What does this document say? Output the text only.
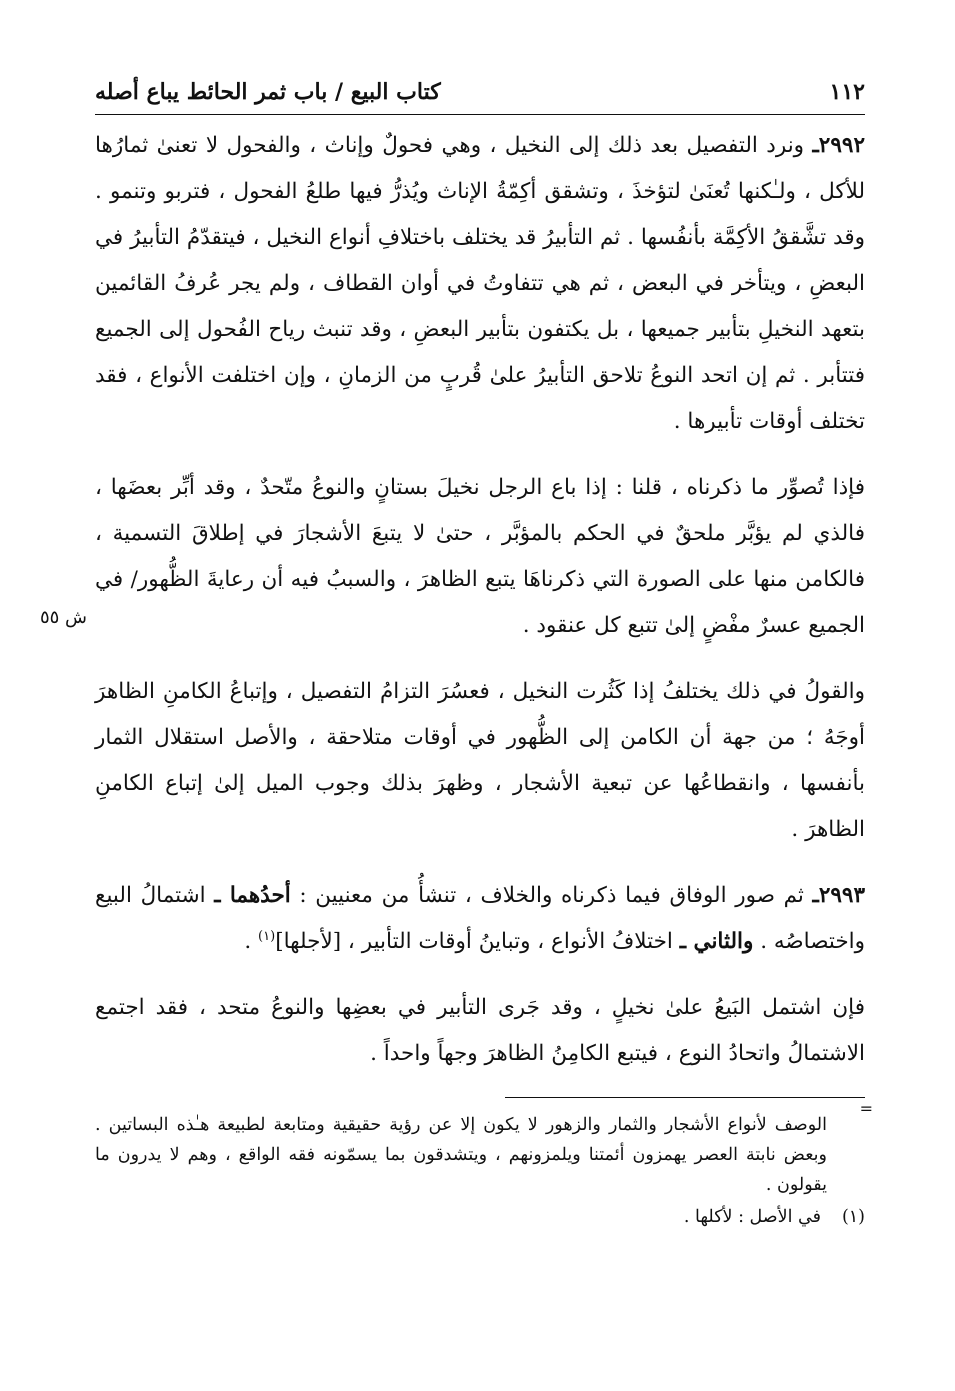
١١٢
كتاب البيع / باب ثمر الحائط يباع أصله

٢٩٩٢ـ ونرد التفصيل بعد ذلك إلى النخيل ، وهي فحولٌ وإناث ، والفحول لا تعنىٰ ثمارُها للأكل ، ولـٰكنها تُعنَىٰ لتؤخذَ ، وتشقق أكِمّةُ الإناث ويُذرُّ فيها طلعُ الفحول ، فتربو وتنمو . وقد تشَّققُ الأكِمَّة بأنفُسها . ثم التأبيرُ قد يختلف باختلافِ أنواع النخيل ، فيتقدّمُ التأبيرُ في البعضِ ، ويتأخر في البعض ، ثم هي تتفاوتُ في أوان القطاف ، ولم يجر عُرفُ القائمين بتعهد النخيلِ بتأبير جميعها ، بل يكتفون بتأبير البعضِ ، وقد تنبث رياح الفُحول إلى الجميع فتتأبر . ثم إن اتحد النوعُ تلاحق التأبيرُ علىٰ قُربٍ من الزمانِ ، وإن اختلفت الأنواع ، فقد تختلف أوقات تأبيرها .

فإذا تُصوِّر ما ذكرناه ، قلنا : إذا باع الرجل نخيلَ بستانٍ والنوعُ متّحدٌ ، وقد أبِّر بعضَها ، فالذي لم يؤبَّر ملحقٌ في الحكم بالمؤبَّر ، حتىٰ لا يتبعَ الأشجارَ في إطلاقَ التسمية ، فالكامن منها على الصورة التي ذكرناهَا يتبع الظاهرَ ، والسببُ فيه أن رعايةَ الظُّهور/ في الجميع عسرٌ مفْضٍ إلىٰ تتبع كل عنقود .
ش ٥٥

والقولُ في ذلك يختلفُ إذا كَثُرت النخيل ، فعسُرَ التزامُ التفصيل ، وإتباعُ الكامنِ الظاهرَ أوجَهُ ؛ من جهة أن الكامن إلى الظُّهور في أوقات متلاحقة ، والأصل استقلال الثمار بأنفسها ، وانقطاعُها عن تبعية الأشجار ، وظهرَ بذلك وجوب الميل إلىٰ إتباع الكامنِ الظاهرَ .

٢٩٩٣ـ ثم صور الوفاق فيما ذكرناه والخلاف ، تنشأُ من معنيين : أحدُهما ـ اشتمالُ البيع واختصاصُه . والثاني ـ اختلافُ الأنواع ، وتباينُ أوقات التأبير ، [لأجلها]$^{(١)}$ .

فإن اشتمل البَيعُ علىٰ نخيلٍ ، وقد جَرى التأبير في بعضِها والنوعُ متحد ، فقد اجتمع الاشتمالُ واتحادُ النوع ، فيتبع الكامِنُ الظاهرَ وجهاً واحداً .

=
الوصف لأنواع الأشجار والثمار والزهور لا يكون إلا عن رؤية حقيقية ومتابعة لطبيعة هـٰذه البساتين . وبعض نابتة العصر يهمزون أئمتنا ويلمزونهم ، ويتشدقون بما يسمّونه فقه الواقع ، وهم لا يدرون ما يقولون .
(١)
في الأصل : لأكلها .
